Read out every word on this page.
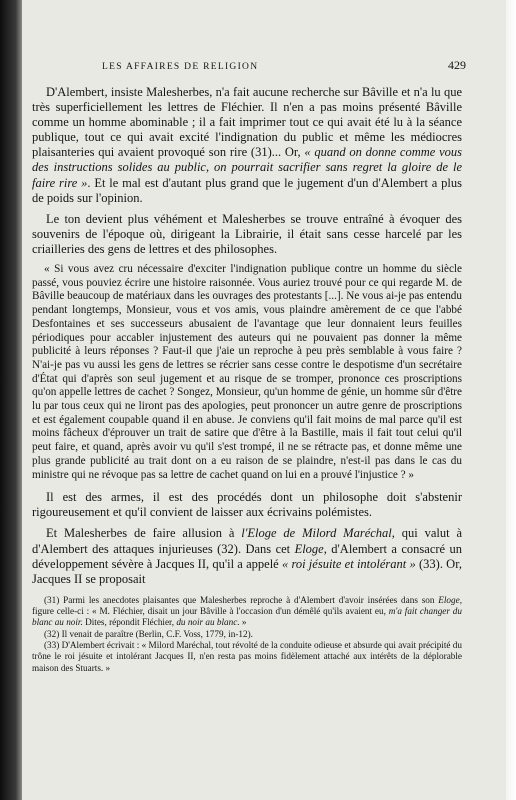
LES AFFAIRES DE RELIGION	429

D'Alembert, insiste Malesherbes, n'a fait aucune recherche sur Bâville et n'a lu que très superficiellement les lettres de Fléchier. Il n'en a pas moins présenté Bâville comme un homme abominable ; il a fait imprimer tout ce qui avait été lu à la séance publique, tout ce qui avait excité l'indignation du public et même les médiocres plaisanteries qui avaient provoqué son rire (31)... Or, « quand on donne comme vous des instructions solides au public, on pourrait sacrifier sans regret la gloire de le faire rire ». Et le mal est d'autant plus grand que le jugement d'un d'Alembert a plus de poids sur l'opinion.

Le ton devient plus véhément et Malesherbes se trouve entraîné à évoquer des souvenirs de l'époque où, dirigeant la Librairie, il était sans cesse harcelé par les criailleries des gens de lettres et des philosophes.

« Si vous avez cru nécessaire d'exciter l'indignation publique contre un homme du siècle passé, vous pouviez écrire une histoire raisonnée. Vous auriez trouvé pour ce qui regarde M. de Bâville beaucoup de matériaux dans les ouvrages des protestants [...]. Ne vous ai-je pas entendu pendant longtemps, Monsieur, vous et vos amis, vous plaindre amèrement de ce que l'abbé Desfontaines et ses successeurs abusaient de l'avantage que leur donnaient leurs feuilles périodiques pour accabler injustement des auteurs qui ne pouvaient pas donner la même publicité à leurs réponses ? Faut-il que j'aie un reproche à peu près semblable à vous faire ? N'ai-je pas vu aussi les gens de lettres se récrier sans cesse contre le despotisme d'un secrétaire d'État qui d'après son seul jugement et au risque de se tromper, prononce ces proscriptions qu'on appelle lettres de cachet ? Songez, Monsieur, qu'un homme de génie, un homme sûr d'être lu par tous ceux qui ne liront pas des apologies, peut prononcer un autre genre de proscriptions et est également coupable quand il en abuse. Je conviens qu'il fait moins de mal parce qu'il est moins fâcheux d'éprouver un trait de satire que d'être à la Bastille, mais il fait tout celui qu'il peut faire, et quand, après avoir vu qu'il s'est trompé, il ne se rétracte pas, et donne même une plus grande publicité au trait dont on a eu raison de se plaindre, n'est-il pas dans le cas du ministre qui ne révoque pas sa lettre de cachet quand on lui en a prouvé l'injustice ? »

Il est des armes, il est des procédés dont un philosophe doit s'abstenir rigoureusement et qu'il convient de laisser aux écrivains polémistes.

Et Malesherbes de faire allusion à l'Eloge de Milord Maréchal, qui valut à d'Alembert des attaques injurieuses (32). Dans cet Eloge, d'Alembert a consacré un développement sévère à Jacques II, qu'il a appelé « roi jésuite et intolérant » (33). Or, Jacques II se proposait

(31) Parmi les anecdotes plaisantes que Malesherbes reproche à d'Alembert d'avoir insérées dans son Eloge, figure celle-ci : « M. Fléchier, disait un jour Bâville à l'occasion d'un démêlé qu'ils avaient eu, m'a fait changer du blanc au noir. Dites, répondit Fléchier, du noir au blanc. »

(32) Il venait de paraître (Berlin, C.F. Voss, 1779, in-12).

(33) D'Alembert écrivait : « Milord Maréchal, tout révolté de la conduite odieuse et absurde qui avait précipité du trône le roi jésuite et intolérant Jacques II, n'en resta pas moins fidèlement attaché aux intérêts de la déplorable maison des Stuarts. »
